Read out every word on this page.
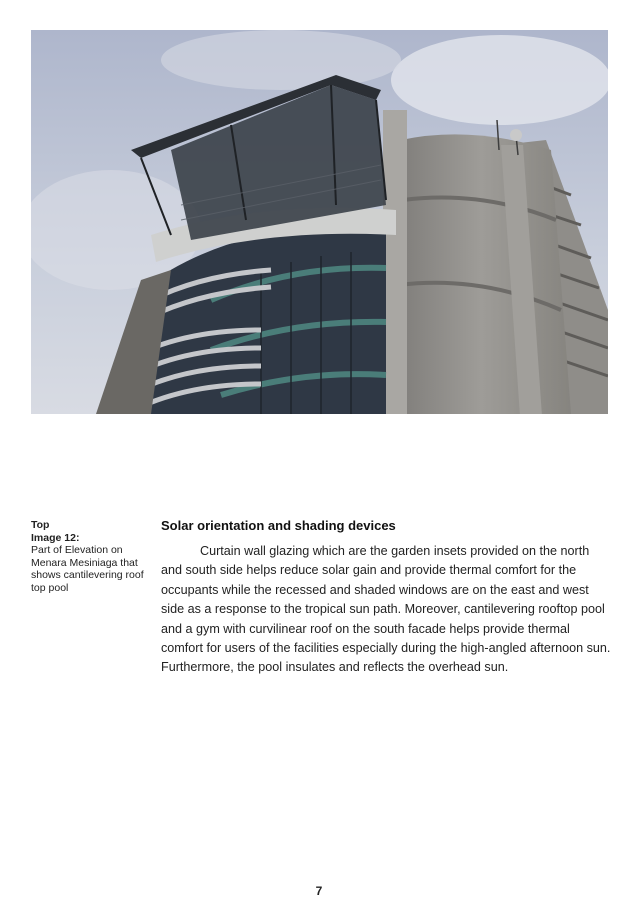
Top
Image 12:
Part of Elevation on Menara Mesiniaga that shows cantilevering roof top pool
Solar orientation and shading devices

Curtain wall glazing which are the garden insets provided on the north and south side helps reduce solar gain and provide thermal comfort for the occupants while the recessed and shaded windows are on the east and west side as a response to the tropical sun path. Moreover, cantilevering rooftop pool and a gym with curvilinear roof on the south facade helps provide thermal comfort for users of the facilities especially during the high-angled afternoon sun. Furthermore, the pool insulates and reflects the overhead sun.

7
